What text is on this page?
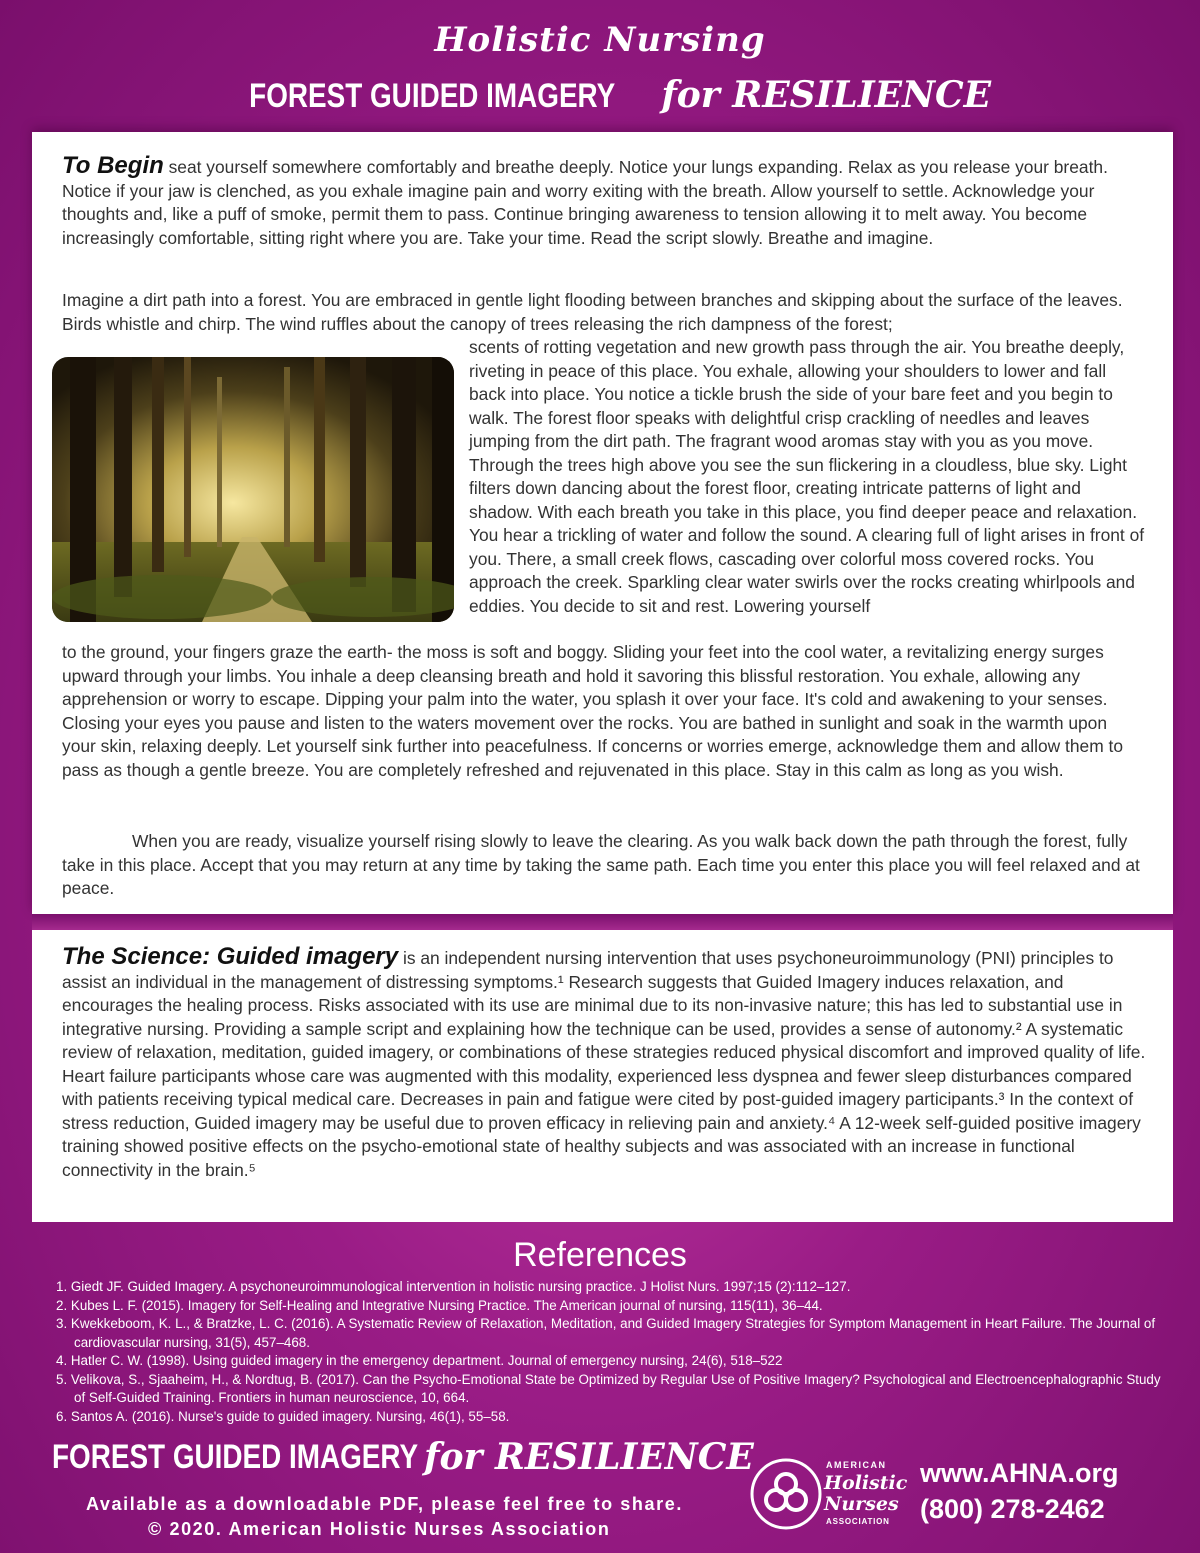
Holistic Nursing
FOREST GUIDED IMAGERY for RESILIENCE

To Begin seat yourself somewhere comfortably and breathe deeply. Notice your lungs expanding. Relax as you release your breath. Notice if your jaw is clenched, as you exhale imagine pain and worry exiting with the breath. Allow yourself to settle. Acknowledge your thoughts and, like a puff of smoke, permit them to pass. Continue bringing awareness to tension allowing it to melt away. You become increasingly comfortable, sitting right where you are. Take your time. Read the script slowly. Breathe and imagine.

Imagine a dirt path into a forest. You are embraced in gentle light flooding between branches and skipping about the surface of the leaves. Birds whistle and chirp. The wind ruffles about the canopy of trees releasing the rich dampness of the forest;

scents of rotting vegetation and new growth pass through the air. You breathe deeply, riveting in peace of this place. You exhale, allowing your shoulders to lower and fall back into place. You notice a tickle brush the side of your bare feet and you begin to walk. The forest floor speaks with delightful crisp crackling of needles and leaves jumping from the dirt path. The fragrant wood aromas stay with you as you move. Through the trees high above you see the sun flickering in a cloudless, blue sky. Light filters down dancing about the forest floor, creating intricate patterns of light and shadow. With each breath you take in this place, you find deeper peace and relaxation. You hear a trickling of water and follow the sound. A clearing full of light arises in front of you. There, a small creek flows, cascading over colorful moss covered rocks. You approach the creek. Sparkling clear water swirls over the rocks creating whirlpools and eddies. You decide to sit and rest. Lowering yourself

to the ground, your fingers graze the earth- the moss is soft and boggy. Sliding your feet into the cool water, a revitalizing energy surges upward through your limbs. You inhale a deep cleansing breath and hold it savoring this blissful restoration. You exhale, allowing any apprehension or worry to escape. Dipping your palm into the water, you splash it over your face. It's cold and awakening to your senses. Closing your eyes you pause and listen to the waters movement over the rocks. You are bathed in sunlight and soak in the warmth upon your skin, relaxing deeply. Let yourself sink further into peacefulness. If concerns or worries emerge, acknowledge them and allow them to pass as though a gentle breeze. You are completely refreshed and rejuvenated in this place. Stay in this calm as long as you wish.

When you are ready, visualize yourself rising slowly to leave the clearing. As you walk back down the path through the forest, fully take in this place. Accept that you may return at any time by taking the same path. Each time you enter this place you will feel relaxed and at peace.

The Science: Guided imagery is an independent nursing intervention that uses psychoneuroimmunology (PNI) principles to assist an individual in the management of distressing symptoms.¹ Research suggests that Guided Imagery induces relaxation, and encourages the healing process. Risks associated with its use are minimal due to its non-invasive nature; this has led to substantial use in integrative nursing. Providing a sample script and explaining how the technique can be used, provides a sense of autonomy.² A systematic review of relaxation, meditation, guided imagery, or combinations of these strategies reduced physical discomfort and improved quality of life. Heart failure participants whose care was augmented with this modality, experienced less dyspnea and fewer sleep disturbances compared with patients receiving typical medical care. Decreases in pain and fatigue were cited by post-guided imagery participants.³ In the context of stress reduction, Guided imagery may be useful due to proven efficacy in relieving pain and anxiety.⁴ A 12-week self-guided positive imagery training showed positive effects on the psycho-emotional state of healthy subjects and was associated with an increase in functional connectivity in the brain.⁵

References
1. Giedt JF. Guided Imagery. A psychoneuroimmunological intervention in holistic nursing practice. J Holist Nurs. 1997;15 (2):112–127.
2. Kubes L. F. (2015). Imagery for Self-Healing and Integrative Nursing Practice. The American journal of nursing, 115(11), 36–44.
3. Kwekkeboom, K. L., & Bratzke, L. C. (2016). A Systematic Review of Relaxation, Meditation, and Guided Imagery Strategies for Symptom Management in Heart Failure. The Journal of cardiovascular nursing, 31(5), 457–468.
4. Hatler C. W. (1998). Using guided imagery in the emergency department. Journal of emergency nursing, 24(6), 518–522
5. Velikova, S., Sjaaheim, H., & Nordtug, B. (2017). Can the Psycho-Emotional State be Optimized by Regular Use of Positive Imagery? Psychological and Electroencephalographic Study of Self-Guided Training. Frontiers in human neuroscience, 10, 664.
6. Santos A. (2016). Nurse's guide to guided imagery. Nursing, 46(1), 55–58.
FOREST GUIDED IMAGERY for RESILIENCE
Available as a downloadable PDF, please feel free to share.
© 2020. American Holistic Nurses Association
AMERICAN
Holistic
Nurses
ASSOCIATION
www.AHNA.org
(800) 278-2462
